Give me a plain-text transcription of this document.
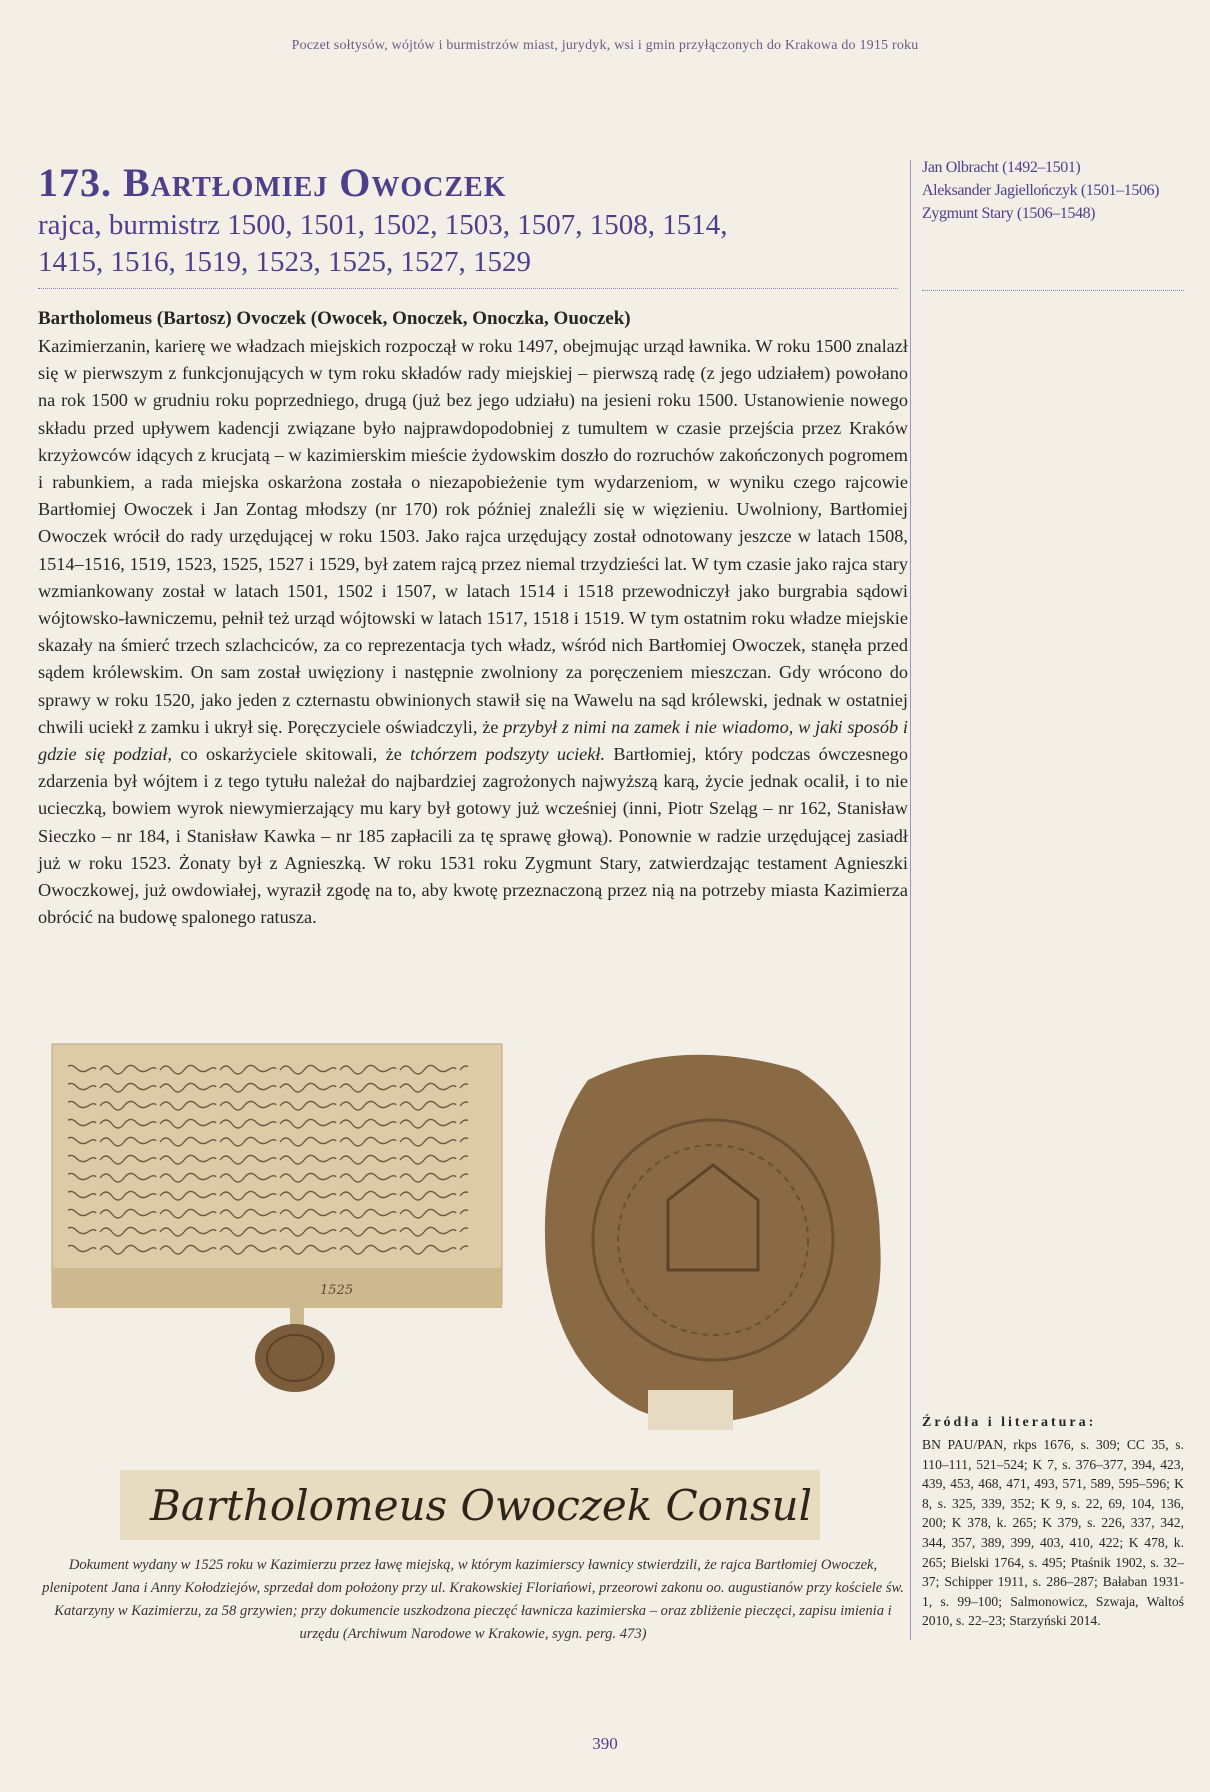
Poczet sołtysów, wójtów i burmistrzów miast, jurydyk, wsi i gmin przyłączonych do Krakowa do 1915 roku
173. Bartłomiej Owoczek
rajca, burmistrz 1500, 1501, 1502, 1503, 1507, 1508, 1514,
1415, 1516, 1519, 1523, 1525, 1527, 1529
Jan Olbracht (1492–1501)
Aleksander Jagiellończyk (1501–1506)
Zygmunt Stary (1506–1548)

Bartholomeus (Bartosz) Ovoczek (Owocek, Onoczek, Onoczka, Ouoczek)

Kazimierzanin, karierę we władzach miejskich rozpoczął w roku 1497, obejmując urząd ławnika. W roku 1500 znalazł się w pierwszym z funkcjonujących w tym roku składów rady miejskiej – pierwszą radę (z jego udziałem) powołano na rok 1500 w grudniu roku poprzedniego, drugą (już bez jego udziału) na jesieni roku 1500. Ustanowienie nowego składu przed upływem kadencji związane było najprawdopodobniej z tumultem w czasie przejścia przez Kraków krzyżowców idących z krucjatą – w kazimierskim mieście żydowskim doszło do rozruchów zakończonych pogromem i rabunkiem, a rada miejska oskarżona została o niezapobieżenie tym wydarzeniom, w wyniku czego rajcowie Bartłomiej Owoczek i Jan Zontag młodszy (nr 170) rok później znaleźli się w więzieniu. Uwolniony, Bartłomiej Owoczek wrócił do rady urzędującej w roku 1503. Jako rajca urzędujący został odnotowany jeszcze w latach 1508, 1514–1516, 1519, 1523, 1525, 1527 i 1529, był zatem rajcą przez niemal trzydzieści lat. W tym czasie jako rajca stary wzmiankowany został w latach 1501, 1502 i 1507, w latach 1514 i 1518 przewodniczył jako burgrabia sądowi wójtowsko-ławniczemu, pełnił też urząd wójtowski w latach 1517, 1518 i 1519. W tym ostatnim roku władze miejskie skazały na śmierć trzech szlachciców, za co reprezentacja tych władz, wśród nich Bartłomiej Owoczek, stanęła przed sądem królewskim. On sam został uwięziony i następnie zwolniony za poręczeniem mieszczan. Gdy wrócono do sprawy w roku 1520, jako jeden z czternastu obwinionych stawił się na Wawelu na sąd królewski, jednak w ostatniej chwili uciekł z zamku i ukrył się. Poręczyciele oświadczyli, że przybył z nimi na zamek i nie wiadomo, w jaki sposób i gdzie się podział, co oskarżyciele skitowali, że tchórzem podszyty uciekł. Bartłomiej, który podczas ówczesnego zdarzenia był wójtem i z tego tytułu należał do najbardziej zagrożonych najwyższą karą, życie jednak ocalił, i to nie ucieczką, bowiem wyrok niewymierzający mu kary był gotowy już wcześniej (inni, Piotr Szeląg – nr 162, Stanisław Sieczko – nr 184, i Stanisław Kawka – nr 185 zapłacili za tę sprawę głową). Ponownie w radzie urzędującej zasiadł już w roku 1523. Żonaty był z Agnieszką. W roku 1531 roku Zygmunt Stary, zatwierdzając testament Agnieszki Owoczkowej, już owdowiałej, wyraził zgodę na to, aby kwotę przeznaczoną przez nią na potrzeby miasta Kazimierza obrócić na budowę spalonego ratusza.

1525
Bartholomeus Owoczek Consul
Dokument wydany w 1525 roku w Kazimierzu przez ławę miejską, w którym kazimierscy ławnicy stwierdzili, że rajca Bartłomiej Owoczek, plenipotent Jana i Anny Kołodziejów, sprzedał dom położony przy ul. Krakowskiej Floriańowi, przeorowi zakonu oo. augustianów przy kościele św. Katarzyny w Kazimierzu, za 58 grzywien; przy dokumencie uszkodzona pieczęć ławnicza kazimierska – oraz zbliżenie pieczęci, zapisu imienia i urzędu (Archiwum Narodowe w Krakowie, sygn. perg. 473)
Źródła i literatura:

BN PAU/PAN, rkps 1676, s. 309; CC 35, s. 110–111, 521–524; K 7, s. 376–377, 394, 423, 439, 453, 468, 471, 493, 571, 589, 595–596; K 8, s. 325, 339, 352; K 9, s. 22, 69, 104, 136, 200; K 378, k. 265; K 379, s. 226, 337, 342, 344, 357, 389, 399, 403, 410, 422; K 478, k. 265; Bielski 1764, s. 495; Ptaśnik 1902, s. 32–37; Schipper 1911, s. 286–287; Bałaban 1931-1, s. 99–100; Salmonowicz, Szwaja, Waltoś 2010, s. 22–23; Starzyński 2014.

390
